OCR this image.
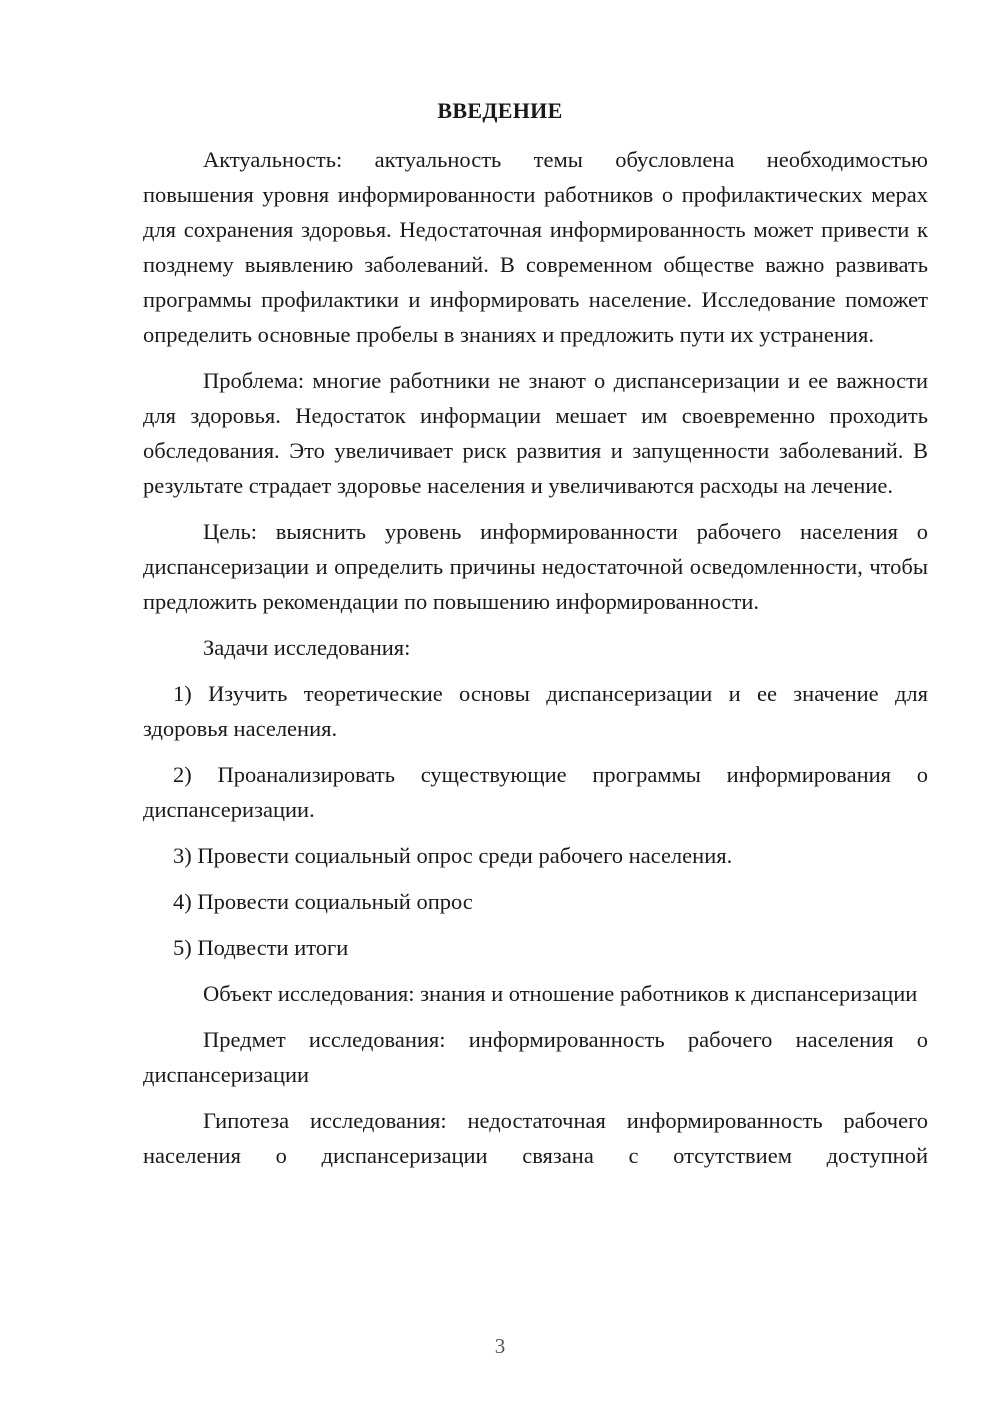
ВВЕДЕНИЕ

Актуальность: актуальность темы обусловлена необходимостью повышения уровня информированности работников о профилактических мерах для сохранения здоровья. Недостаточная информированность может привести к позднему выявлению заболеваний. В современном обществе важно развивать программы профилактики и информировать население. Исследование поможет определить основные пробелы в знаниях и предложить пути их устранения.

Проблема: многие работники не знают о диспансеризации и ее важности для здоровья. Недостаток информации мешает им своевременно проходить обследования. Это увеличивает риск развития и запущенности заболеваний. В результате страдает здоровье населения и увеличиваются расходы на лечение.

Цель: выяснить уровень информированности рабочего населения о диспансеризации и определить причины недостаточной осведомленности, чтобы предложить рекомендации по повышению информированности.

Задачи исследования:

1) Изучить теоретические основы диспансеризации и ее значение для здоровья населения.

2) Проанализировать существующие программы информирования о диспансеризации.

3) Провести социальный опрос среди рабочего населения.

4) Провести социальный опрос

5) Подвести итоги

Объект исследования: знания и отношение работников к диспансеризации

Предмет исследования: информированность рабочего населения о диспансеризации

Гипотеза исследования: недостаточная информированность рабочего населения о диспансеризации связана с отсутствием доступной

3
